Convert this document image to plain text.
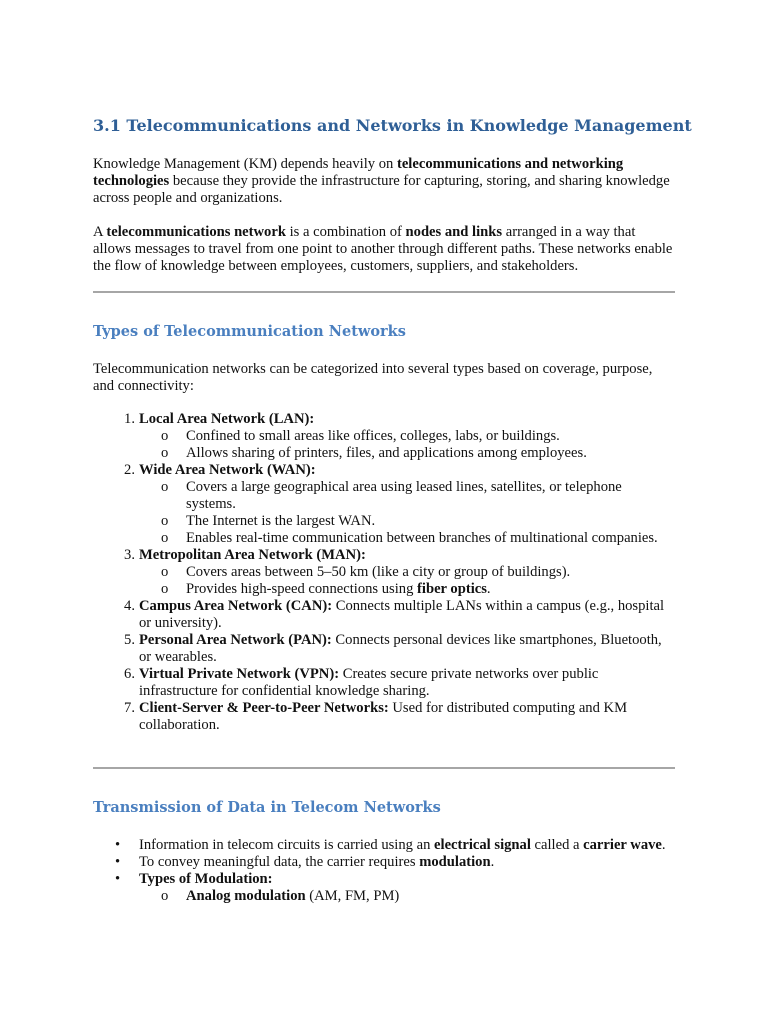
3.1 Telecommunications and Networks in Knowledge Management

Knowledge Management (KM) depends heavily on telecommunications and networking technologies because they provide the infrastructure for capturing, storing, and sharing knowledge across people and organizations.

A telecommunications network is a combination of nodes and links arranged in a way that allows messages to travel from one point to another through different paths. These networks enable the flow of knowledge between employees, customers, suppliers, and stakeholders.

Types of Telecommunication Networks

Telecommunication networks can be categorized into several types based on coverage, purpose, and connectivity:

1. Local Area Network (LAN):
o Confined to small areas like offices, colleges, labs, or buildings.
o Allows sharing of printers, files, and applications among employees.
2. Wide Area Network (WAN):
o Covers a large geographical area using leased lines, satellites, or telephone systems.
o The Internet is the largest WAN.
o Enables real-time communication between branches of multinational companies.
3. Metropolitan Area Network (MAN):
o Covers areas between 5–50 km (like a city or group of buildings).
o Provides high-speed connections using fiber optics.
4. Campus Area Network (CAN): Connects multiple LANs within a campus (e.g., hospital or university).
5. Personal Area Network (PAN): Connects personal devices like smartphones, Bluetooth, or wearables.
6. Virtual Private Network (VPN): Creates secure private networks over public infrastructure for confidential knowledge sharing.
7. Client-Server & Peer-to-Peer Networks: Used for distributed computing and KM collaboration.
Transmission of Data in Telecom Networks
• Information in telecom circuits is carried using an electrical signal called a carrier wave.
• To convey meaningful data, the carrier requires modulation.
• Types of Modulation:
o Analog modulation (AM, FM, PM)
